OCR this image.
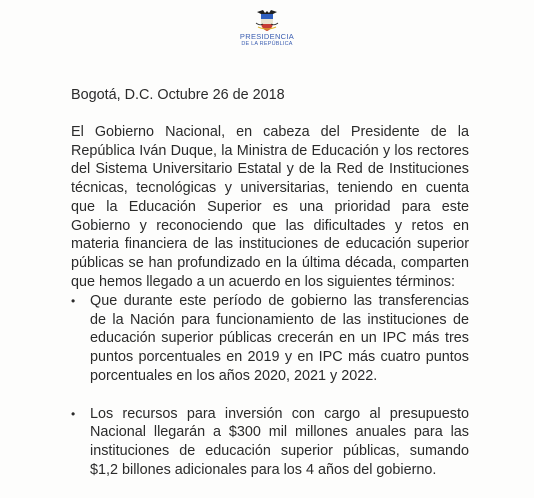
PRESIDENCIA
DE LA REPÚBLICA

Bogotá, D.C. Octubre 26 de 2018

El Gobierno Nacional, en cabeza del Presidente de la República Iván Duque, la Ministra de Educación y los rectores del Sistema Universitario Estatal y de la Red de Instituciones técnicas, tecnológicas y universitarias, teniendo en cuenta que la Educación Superior es una prioridad para este Gobierno y reconociendo que las dificultades y retos en materia financiera de las instituciones de educación superior públicas se han profundizado en la última década, comparten que hemos llegado a un acuerdo en los siguientes términos:

• Que durante este período de gobierno las transferencias de la Nación para funcionamiento de las instituciones de educación superior públicas crecerán en un IPC más tres puntos porcentuales en 2019 y en IPC más cuatro puntos porcentuales en los años 2020, 2021 y 2022.
• Los recursos para inversión con cargo al presupuesto Nacional llegarán a $300 mil millones anuales para las instituciones de educación superior públicas, sumando $1,2 billones adicionales para los 4 años del gobierno.
